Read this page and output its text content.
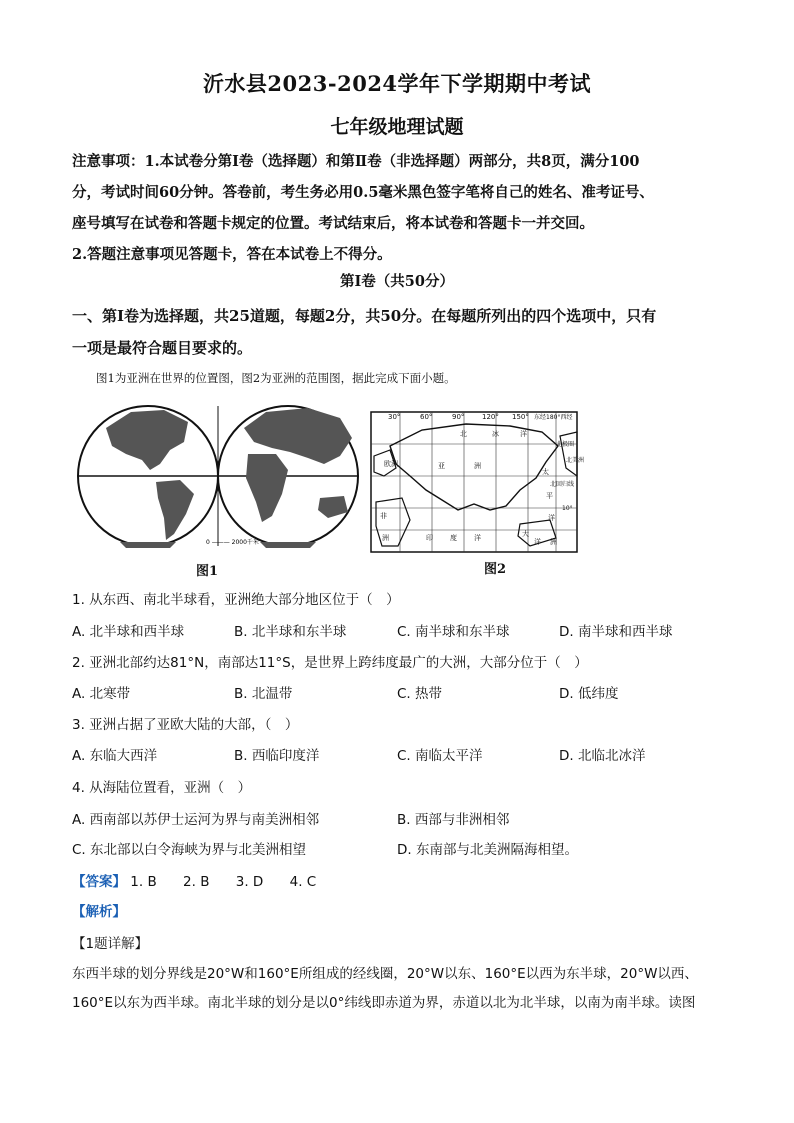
沂水县2023-2024学年下学期期中考试
七年级地理试题
注意事项：1.本试卷分第Ⅰ卷（选择题）和第Ⅱ卷（非选择题）两部分，共8页，满分100
分，考试时间60分钟。答卷前，考生务必用0.5毫米黑色签字笔将自己的姓名、准考证号、
座号填写在试卷和答题卡规定的位置。考试结束后，将本试卷和答题卡一并交回。
2.答题注意事项见答题卡，答在本试卷上不得分。
第Ⅰ卷（共50分）
一、第Ⅰ卷为选择题，共25道题，每题2分，共50分。在每题所列出的四个选项中，只有
一项是最符合题目要求的。
图1为亚洲在世界的位置图，图2为亚洲的范围图，据此完成下面小题。
0 ——— 2000千米
图1
30°	60°	90°	120° 150° 东经180°西经
北极圈
北回归线
10°
北美洲
北	冰	洋
欧洲	亚	洲
太
平
洋
非
洲	印 度 洋	大
洋 洲
图2
1. 从东西、南北半球看，亚洲绝大部分地区位于（　）
A. 北半球和西半球	B. 北半球和东半球	C. 南半球和东半球	D. 南半球和西半球
2. 亚洲北部约达81°N，南部达11°S，是世界上跨纬度最广的大洲，大部分位于（　）
A. 北寒带	B. 北温带	C. 热带	D. 低纬度
3. 亚洲占据了亚欧大陆的大部，（　）
A. 东临大西洋	B. 西临印度洋	C. 南临太平洋	D. 北临北冰洋
4. 从海陆位置看，亚洲（　）
A. 西南部以苏伊士运河为界与南美洲相邻	B. 西部与非洲相邻
C. 东北部以白令海峡为界与北美洲相望	D. 东南部与北美洲隔海相望。
【答案】 1. B 2. B 3. D 4. C
【解析】
【1题详解】
东西半球的划分界线是20°W和160°E所组成的经线圈，20°W以东、160°E以西为东半球，20°W以西、160°E以东为西半球。南北半球的划分是以0°纬线即赤道为界，赤道以北为北半球，以南为南半球。读图
